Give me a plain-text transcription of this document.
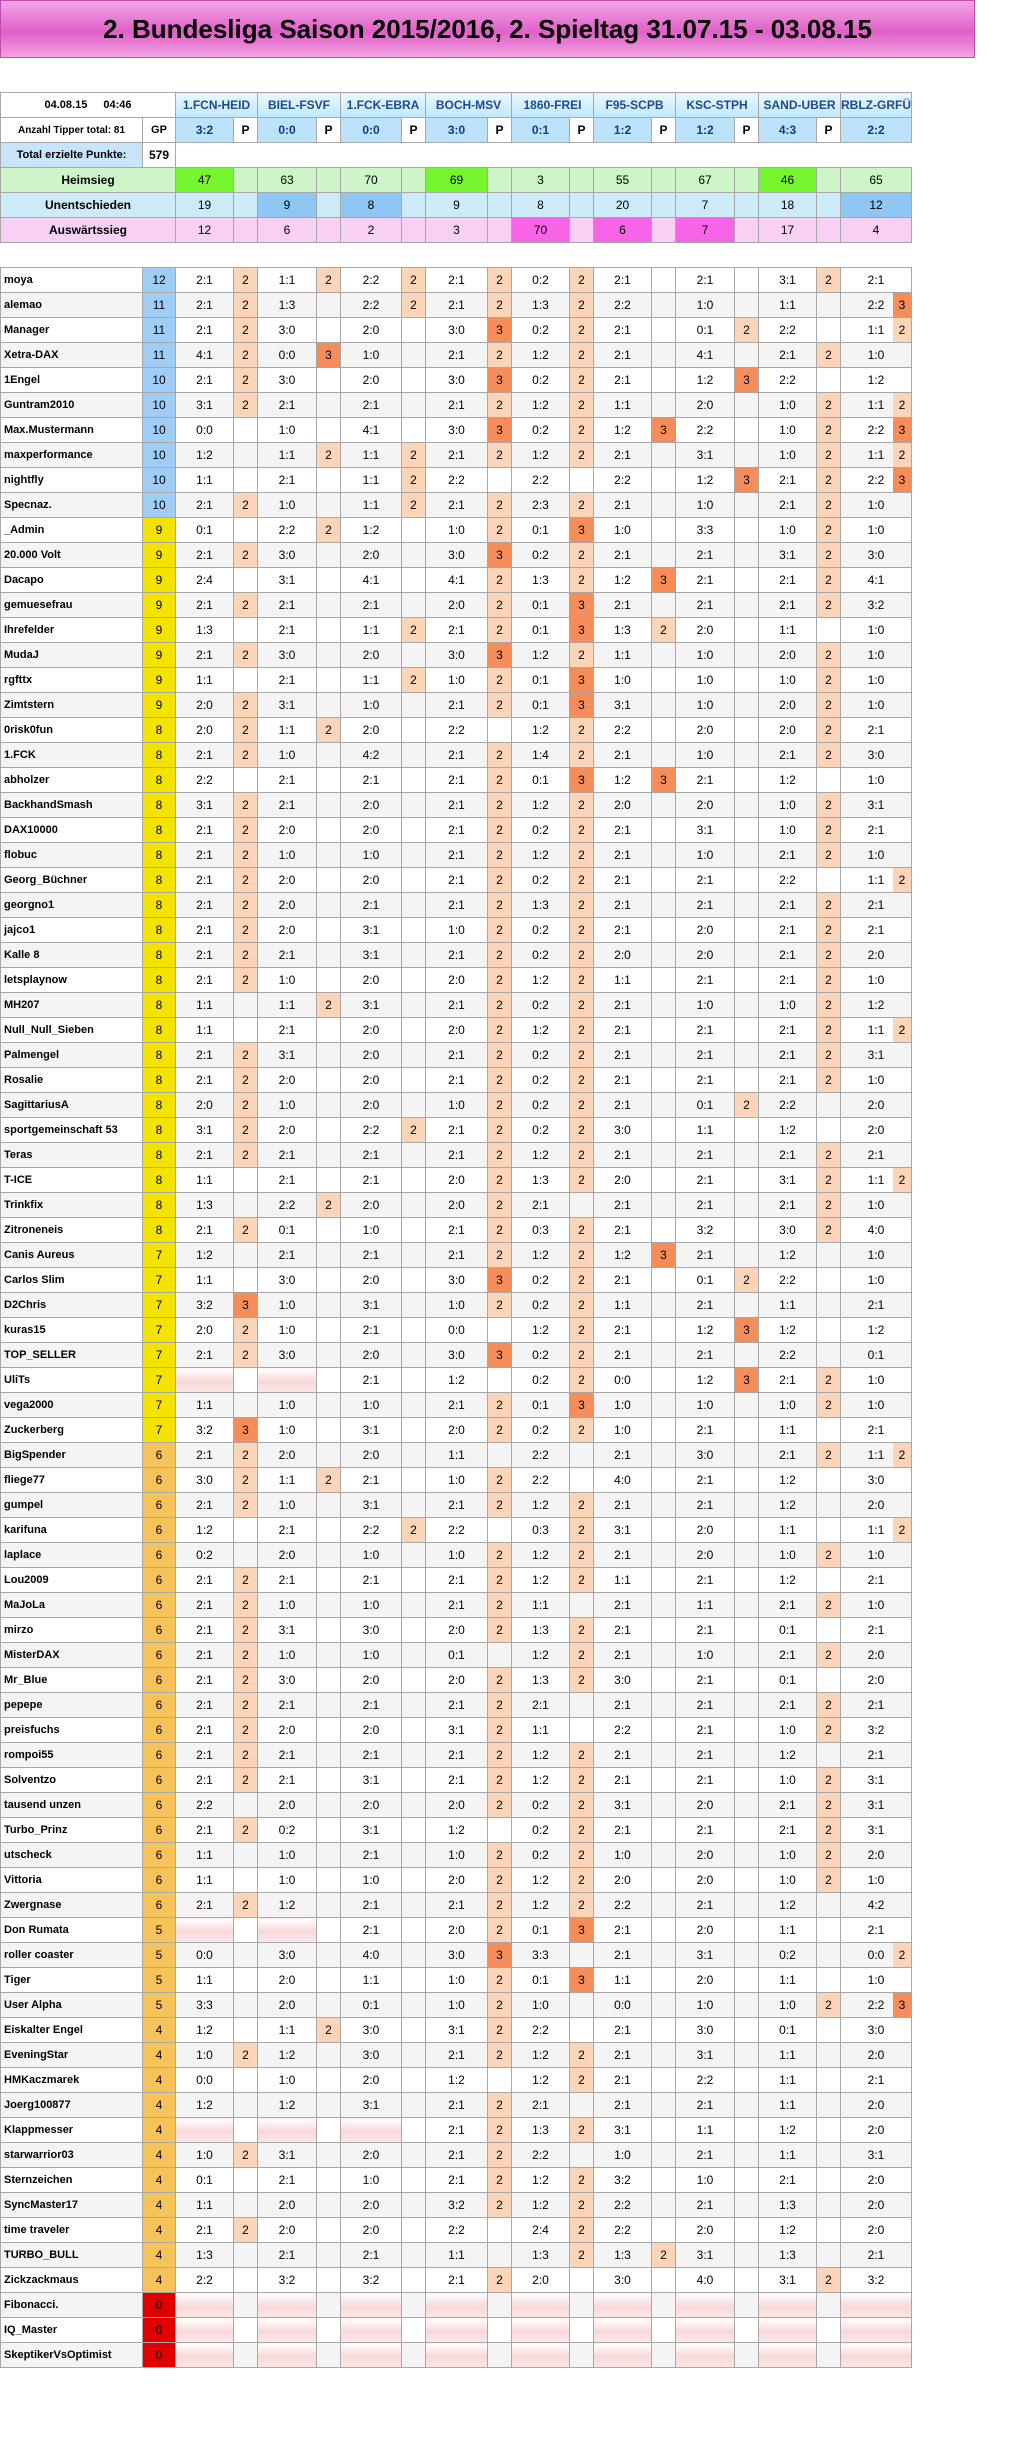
2. Bundesliga Saison 2015/2016, 2. Spieltag 31.07.15 - 03.08.15
04.08.15 04:46		1.FCN-HEID		BIEL-FSVF		1.FCK-EBRA		BOCH-MSV		1860-FREI		F95-SCPB		KSC-STPH		SAND-UBER		RBLZ-GRFÜ
Anzahl Tipper total: 81	GP	3:2	P	0:0	P	0:0	P	3:0	P	0:1	P	1:2	P	1:2	P	4:3	P	2:2
Total erzielte Punkte:	579																	
Heimsieg		47		63		70		69		3		55		67		46		65
Unentschieden		19		9		8		9		8		20		7		18		12
Auswärtssieg		12		6		2		3		70		6		7		17		4

moya	12	2:1	2	1:1	2	2:2	2	2:1	2	0:2	2	2:1		2:1		3:1	2	2:1
alemao	11	2:1	2	1:3		2:2	2	2:1	2	1:3	2	2:2		1:0		1:1		2:2 3

Manager	11	2:1	2	3:0		2:0		3:0	3	0:2	2	2:1		0:1	2	2:2		1:1 2

Xetra-DAX	11	4:1	2	0:0	3	1:0		2:1	2	1:2	2	2:1		4:1		2:1	2	1:0
1Engel	10	2:1	2	3:0		2:0		3:0	3	0:2	2	2:1		1:2	3	2:2		1:2
Guntram2010	10	3:1	2	2:1		2:1		2:1	2	1:2	2	1:1		2:0		1:0	2	1:1 2

Max.Mustermann	10	0:0		1:0		4:1		3:0	3	0:2	2	1:2	3	2:2		1:0	2	2:2 3

maxperformance	10	1:2		1:1	2	1:1	2	2:1	2	1:2	2	2:1		3:1		1:0	2	1:1 2

nightfly	10	1:1		2:1		1:1	2	2:2		2:2		2:2		1:2	3	2:1	2	2:2 3

Specnaz.	10	2:1	2	1:0		1:1	2	2:1	2	2:3	2	2:1		1:0		2:1	2	1:0
_Admin	9	0:1		2:2	2	1:2		1:0	2	0:1	3	1:0		3:3		1:0	2	1:0
20.000 Volt	9	2:1	2	3:0		2:0		3:0	3	0:2	2	2:1		2:1		3:1	2	3:0
Dacapo	9	2:4		3:1		4:1		4:1	2	1:3	2	1:2	3	2:1		2:1	2	4:1
gemuesefrau	9	2:1	2	2:1		2:1		2:0	2	0:1	3	2:1		2:1		2:1	2	3:2
Ihrefelder	9	1:3		2:1		1:1	2	2:1	2	0:1	3	1:3	2	2:0		1:1		1:0
MudaJ	9	2:1	2	3:0		2:0		3:0	3	1:2	2	1:1		1:0		2:0	2	1:0
rgfttx	9	1:1		2:1		1:1	2	1:0	2	0:1	3	1:0		1:0		1:0	2	1:0
Zimtstern	9	2:0	2	3:1		1:0		2:1	2	0:1	3	3:1		1:0		2:0	2	1:0
0risk0fun	8	2:0	2	1:1	2	2:0		2:2		1:2	2	2:2		2:0		2:0	2	2:1
1.FCK	8	2:1	2	1:0		4:2		2:1	2	1:4	2	2:1		1:0		2:1	2	3:0
abholzer	8	2:2		2:1		2:1		2:1	2	0:1	3	1:2	3	2:1		1:2		1:0
BackhandSmash	8	3:1	2	2:1		2:0		2:1	2	1:2	2	2:0		2:0		1:0	2	3:1
DAX10000	8	2:1	2	2:0		2:0		2:1	2	0:2	2	2:1		3:1		1:0	2	2:1
flobuc	8	2:1	2	1:0		1:0		2:1	2	1:2	2	2:1		1:0		2:1	2	1:0
Georg_Büchner	8	2:1	2	2:0		2:0		2:1	2	0:2	2	2:1		2:1		2:2		1:1 2

georgno1	8	2:1	2	2:0		2:1		2:1	2	1:3	2	2:1		2:1		2:1	2	2:1
jajco1	8	2:1	2	2:0		3:1		1:0	2	0:2	2	2:1		2:0		2:1	2	2:1
Kalle 8	8	2:1	2	2:1		3:1		2:1	2	0:2	2	2:0		2:0		2:1	2	2:0
letsplaynow	8	2:1	2	1:0		2:0		2:0	2	1:2	2	1:1		2:1		2:1	2	1:0
MH207	8	1:1		1:1	2	3:1		2:1	2	0:2	2	2:1		1:0		1:0	2	1:2
Null_Null_Sieben	8	1:1		2:1		2:0		2:0	2	1:2	2	2:1		2:1		2:1	2	1:1 2

Palmengel	8	2:1	2	3:1		2:0		2:1	2	0:2	2	2:1		2:1		2:1	2	3:1
Rosalie	8	2:1	2	2:0		2:0		2:1	2	0:2	2	2:1		2:1		2:1	2	1:0
SagittariusA	8	2:0	2	1:0		2:0		1:0	2	0:2	2	2:1		0:1	2	2:2		2:0
sportgemeinschaft 53	8	3:1	2	2:0		2:2	2	2:1	2	0:2	2	3:0		1:1		1:2		2:0
Teras	8	2:1	2	2:1		2:1		2:1	2	1:2	2	2:1		2:1		2:1	2	2:1
T-ICE	8	1:1		2:1		2:1		2:0	2	1:3	2	2:0		2:1		3:1	2	1:1 2

Trinkfix	8	1:3		2:2	2	2:0		2:0	2	2:1		2:1		2:1		2:1	2	1:0
Zitroneneis	8	2:1	2	0:1		1:0		2:1	2	0:3	2	2:1		3:2		3:0	2	4:0
Canis Aureus	7	1:2		2:1		2:1		2:1	2	1:2	2	1:2	3	2:1		1:2		1:0
Carlos Slim	7	1:1		3:0		2:0		3:0	3	0:2	2	2:1		0:1	2	2:2		1:0
D2Chris	7	3:2	3	1:0		3:1		1:0	2	0:2	2	1:1		2:1		1:1		2:1
kuras15	7	2:0	2	1:0		2:1		0:0		1:2	2	2:1		1:2	3	1:2		1:2
TOP_SELLER	7	2:1	2	3:0		2:0		3:0	3	0:2	2	2:1		2:1		2:2		0:1
UliTs	7					2:1		1:2		0:2	2	0:0		1:2	3	2:1	2	1:0
vega2000	7	1:1		1:0		1:0		2:1	2	0:1	3	1:0		1:0		1:0	2	1:0
Zuckerberg	7	3:2	3	1:0		3:1		2:0	2	0:2	2	1:0		2:1		1:1		2:1
BigSpender	6	2:1	2	2:0		2:0		1:1		2:2		2:1		3:0		2:1	2	1:1 2

fliege77	6	3:0	2	1:1	2	2:1		1:0	2	2:2		4:0		2:1		1:2		3:0
gumpel	6	2:1	2	1:0		3:1		2:1	2	1:2	2	2:1		2:1		1:2		2:0
karifuna	6	1:2		2:1		2:2	2	2:2		0:3	2	3:1		2:0		1:1		1:1 2

laplace	6	0:2		2:0		1:0		1:0	2	1:2	2	2:1		2:0		1:0	2	1:0
Lou2009	6	2:1	2	2:1		2:1		2:1	2	1:2	2	1:1		2:1		1:2		2:1
MaJoLa	6	2:1	2	1:0		1:0		2:1	2	1:1		2:1		1:1		2:1	2	1:0
mirzo	6	2:1	2	3:1		3:0		2:0	2	1:3	2	2:1		2:1		0:1		2:1
MisterDAX	6	2:1	2	1:0		1:0		0:1		1:2	2	2:1		1:0		2:1	2	2:0
Mr_Blue	6	2:1	2	3:0		2:0		2:0	2	1:3	2	3:0		2:1		0:1		2:0
pepepe	6	2:1	2	2:1		2:1		2:1	2	2:1		2:1		2:1		2:1	2	2:1
preisfuchs	6	2:1	2	2:0		2:0		3:1	2	1:1		2:2		2:1		1:0	2	3:2
rompoi55	6	2:1	2	2:1		2:1		2:1	2	1:2	2	2:1		2:1		1:2		2:1
Solventzo	6	2:1	2	2:1		3:1		2:1	2	1:2	2	2:1		2:1		1:0	2	3:1
tausend unzen	6	2:2		2:0		2:0		2:0	2	0:2	2	3:1		2:0		2:1	2	3:1
Turbo_Prinz	6	2:1	2	0:2		3:1		1:2		0:2	2	2:1		2:1		2:1	2	3:1
utscheck	6	1:1		1:0		2:1		1:0	2	0:2	2	1:0		2:0		1:0	2	2:0
Vittoria	6	1:1		1:0		1:0		2:0	2	1:2	2	2:0		2:0		1:0	2	1:0
Zwergnase	6	2:1	2	1:2		2:1		2:1	2	1:2	2	2:2		2:1		1:2		4:2
Don Rumata	5					2:1		2:0	2	0:1	3	2:1		2:0		1:1		2:1
roller coaster	5	0:0		3:0		4:0		3:0	3	3:3		2:1		3:1		0:2		0:0 2

Tiger	5	1:1		2:0		1:1		1:0	2	0:1	3	1:1		2:0		1:1		1:0
User Alpha	5	3:3		2:0		0:1		1:0	2	1:0		0:0		1:0		1:0	2	2:2 3

Eiskalter Engel	4	1:2		1:1	2	3:0		3:1	2	2:2		2:1		3:0		0:1		3:0
EveningStar	4	1:0	2	1:2		3:0		2:1	2	1:2	2	2:1		3:1		1:1		2:0
HMKaczmarek	4	0:0		1:0		2:0		1:2		1:2	2	2:1		2:2		1:1		2:1
Joerg100877	4	1:2		1:2		3:1		2:1	2	2:1		2:1		2:1		1:1		2:0
Klappmesser	4							2:1	2	1:3	2	3:1		1:1		1:2		2:0
starwarrior03	4	1:0	2	3:1		2:0		2:1	2	2:2		1:0		2:1		1:1		3:1
Sternzeichen	4	0:1		2:1		1:0		2:1	2	1:2	2	3:2		1:0		2:1		2:0
SyncMaster17	4	1:1		2:0		2:0		3:2	2	1:2	2	2:2		2:1		1:3		2:0
time traveler	4	2:1	2	2:0		2:0		2:2		2:4	2	2:2		2:0		1:2		2:0
TURBO_BULL	4	1:3		2:1		2:1		1:1		1:3	2	1:3	2	3:1		1:3		2:1
Zickzackmaus	4	2:2		3:2		3:2		2:1	2	2:0		3:0		4:0		3:1	2	3:2
Fibonacci.	0																	
IQ_Master	0																	
SkeptikerVsOptimist	0																	
